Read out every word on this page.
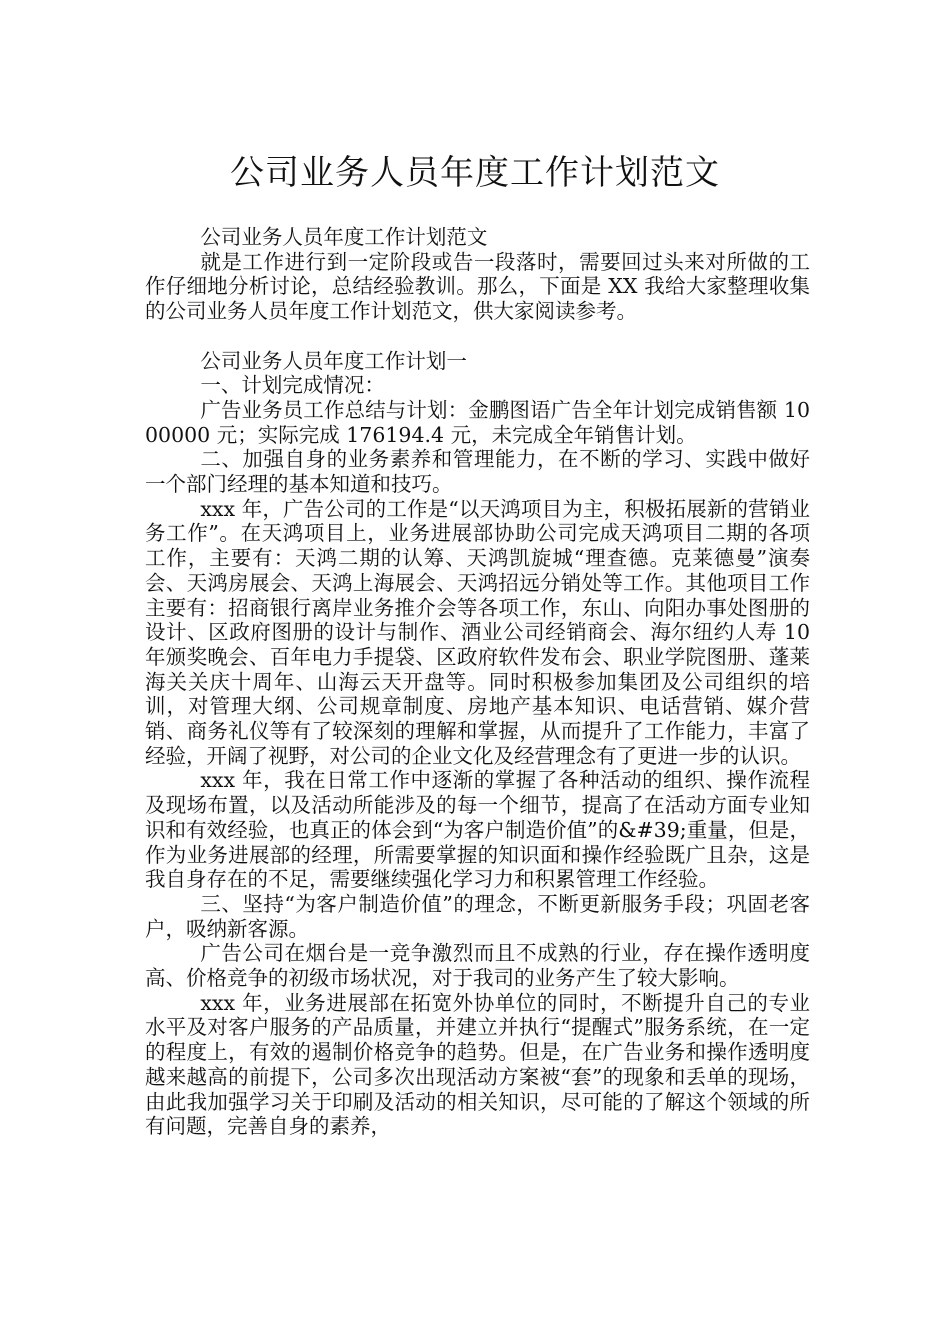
公司业务人员年度工作计划范文

公司业务人员年度工作计划范文

就是工作进行到一定阶段或告一段落时，需要回过头来对所做的工作仔细地分析讨论，总结经验教训。那么，下面是 XX 我给大家整理收集的公司业务人员年度工作计划范文，供大家阅读参考。

公司业务人员年度工作计划一

一、计划完成情况：

广告业务员工作总结与计划：金鹏图语广告全年计划完成销售额 1000000 元；实际完成 176194.4 元，未完成全年销售计划。

二、加强自身的业务素养和管理能力，在不断的学习、实践中做好一个部门经理的基本知道和技巧。

xxx 年，广告公司的工作是“以天鸿项目为主，积极拓展新的营销业务工作”。在天鸿项目上，业务进展部协助公司完成天鸿项目二期的各项工作，主要有：天鸿二期的认筹、天鸿凯旋城“理查德。克莱德曼”演奏会、天鸿房展会、天鸿上海展会、天鸿招远分销处等工作。其他项目工作主要有：招商银行离岸业务推介会等各项工作，东山、向阳办事处图册的设计、区政府图册的设计与制作、酒业公司经销商会、海尔纽约人寿 10 年颁奖晚会、百年电力手提袋、区政府软件发布会、职业学院图册、蓬莱海关关庆十周年、山海云天开盘等。同时积极参加集团及公司组织的培训，对管理大纲、公司规章制度、房地产基本知识、电话营销、媒介营销、商务礼仪等有了较深刻的理解和掌握，从而提升了工作能力，丰富了经验，开阔了视野，对公司的企业文化及经营理念有了更进一步的认识。

xxx 年，我在日常工作中逐渐的掌握了各种活动的组织、操作流程及现场布置，以及活动所能涉及的每一个细节，提高了在活动方面专业知识和有效经验，也真正的体会到“为客户制造价值”的&#39;重量，但是，作为业务进展部的经理，所需要掌握的知识面和操作经验既广且杂，这是我自身存在的不足，需要继续强化学习力和积累管理工作经验。

三、坚持“为客户制造价值”的理念，不断更新服务手段；巩固老客户，吸纳新客源。

广告公司在烟台是一竞争激烈而且不成熟的行业，存在操作透明度高、价格竞争的初级市场状况，对于我司的业务产生了较大影响。

xxx 年，业务进展部在拓宽外协单位的同时，不断提升自己的专业水平及对客户服务的产品质量，并建立并执行“提醒式”服务系统，在一定的程度上，有效的遏制价格竞争的趋势。但是，在广告业务和操作透明度越来越高的前提下，公司多次出现活动方案被“套”的现象和丢单的现场，由此我加强学习关于印刷及活动的相关知识，尽可能的了解这个领域的所有问题，完善自身的素养，
